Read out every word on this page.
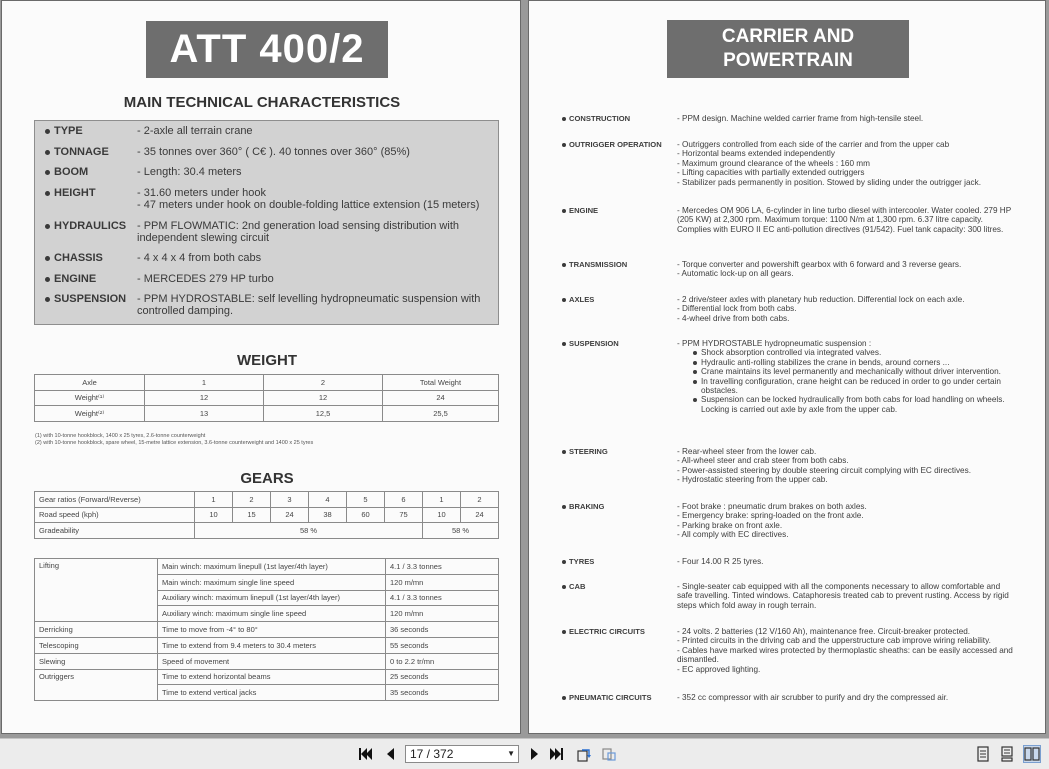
ATT 400/2
MAIN TECHNICAL CHARACTERISTICS
TYPE	- 2-axle all terrain crane
TONNAGE	- 35 tonnes over 360° ( C€ ). 40 tonnes over 360° (85%)
BOOM	- Length: 30.4 meters
HEIGHT	- 31.60 meters under hook
- 47 meters under hook on double-folding lattice extension (15 meters)
HYDRAULICS - PPM FLOWMATIC: 2nd generation load sensing distribution with independent slewing circuit
CHASSIS	- 4 x 4 x 4 from both cabs
ENGINE	- MERCEDES 279 HP turbo
SUSPENSION - PPM HYDROSTABLE: self levelling hydropneumatic suspension with controlled damping.
WEIGHT
Axle	1	2	Total Weight
Weight⁽¹⁾	12	12	24
Weight⁽²⁾	13	12,5	25,5
(1) with 10-tonne hookblock, 1400 x 25 tyres, 2.6-tonne counterweight
(2) with 10-tonne hookblock, spare wheel, 15-metre lattice extension, 3.6-tonne counterweight and 1400 x 25 tyres
GEARS
Gear ratios (Forward/Reverse)	1	2	3	4	5	6	1	2
Road speed (kph)	10	15	24	38	60	75	10	24
Gradeability	58 %						58 %	
Lifting	Main winch: maximum linepull (1st layer/4th layer)	4.1 / 3.3 tonnes
	Main winch: maximum single line speed	120 m/mn
	Auxiliary winch: maximum linepull (1st layer/4th layer)	4.1 / 3.3 tonnes
	Auxiliary winch: maximum single line speed	120 m/mn
Derricking	Time to move from -4° to 80°	36 seconds
Telescoping	Time to extend from 9.4 meters to 30.4 meters	55 seconds
Slewing	Speed of movement	0 to 2.2 tr/mn
Outriggers	Time to extend horizontal beams	25 seconds
	Time to extend vertical jacks	35 seconds
CARRIER AND
POWERTRAIN
CONSTRUCTION	- PPM design. Machine welded carrier frame from high-tensile steel.
OUTRIGGER OPERATION - Outriggers controlled from each side of the carrier and from the upper cab
- Horizontal beams extended independently
- Maximum ground clearance of the wheels : 160 mm
- Lifting capacities with partially extended outriggers
- Stabilizer pads permanently in position. Stowed by sliding under the outrigger jack.
ENGINE	- Mercedes OM 906 LA, 6-cylinder in line turbo diesel with intercooler. Water cooled. 279 HP (205 KW) at 2,300 rpm. Maximum torque: 1100 N/m at 1,300 rpm. 6.37 litre capacity. Complies with EURO II EC anti-pollution directives (91/542). Fuel tank capacity: 300 litres.
TRANSMISSION	- Torque converter and powershift gearbox with 6 forward and 3 reverse gears.
- Automatic lock-up on all gears.
AXLES	- 2 drive/steer axles with planetary hub reduction. Differential lock on each axle.
- Differential lock from both cabs.
- 4-wheel drive from both cabs.
SUSPENSION	- PPM HYDROSTABLE hydropneumatic suspension :
Shock absorption controlled via integrated valves.
Hydraulic anti-rolling stabilizes the crane in bends, around corners ...
Crane maintains its level permanently and mechanically without driver intervention.
In travelling configuration, crane height can be reduced in order to go under certain obstacles.
Suspension can be locked hydraulically from both cabs for load handling on wheels. Locking is carried out axle by axle from the upper cab.
STEERING	- Rear-wheel steer from the lower cab.
- All-wheel steer and crab steer from both cabs.
- Power-assisted steering by double steering circuit complying with EC directives.
- Hydrostatic steering from the upper cab.
BRAKING	- Foot brake : pneumatic drum brakes on both axles.
- Emergency brake: spring-loaded on the front axle.
- Parking brake on front axle.
- All comply with EC directives.
TYRES	- Four 14.00 R 25 tyres.
CAB	- Single-seater cab equipped with all the components necessary to allow comfortable and safe travelling. Tinted windows. Cataphoresis treated cab to prevent rusting. Access by rigid steps which fold away in rough terrain.
ELECTRIC CIRCUITS	- 24 volts. 2 batteries (12 V/160 Ah), maintenance free. Circuit-breaker protected.
- Printed circuits in the driving cab and the upperstructure cab improve wiring reliability.
- Cables have marked wires protected by thermoplastic sheaths: can be easily accessed and dismantled.
- EC approved lighting.
PNEUMATIC CIRCUITS	- 352 cc compressor with air scrubber to purify and dry the compressed air.
17 / 372	▼
